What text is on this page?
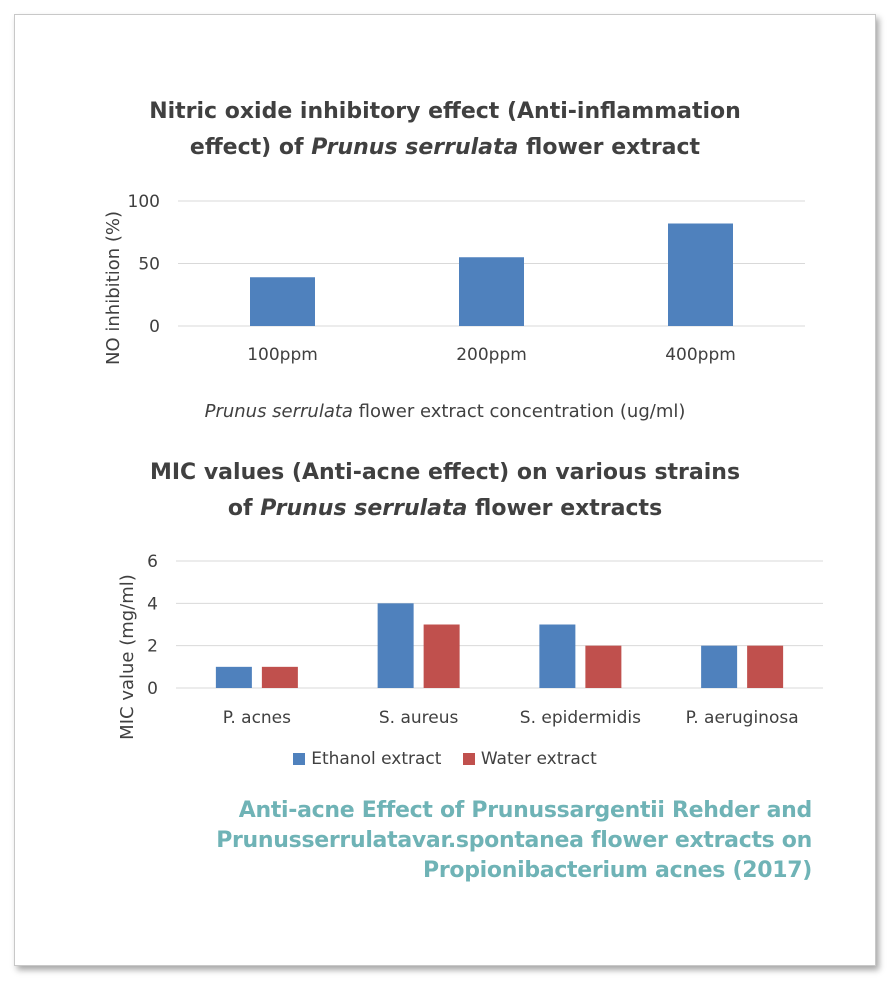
Nitric oxide inhibitory effect (Anti-inflammation
effect) of Prunus serrulata flower extract
Prunus serrulata flower extract concentration (ug/ml)
MIC values (Anti-acne effect) on various strains
of Prunus serrulata flower extracts
0
50
100
100ppm	200ppm	400ppm
NO inhibition (%)
0
2
4
6
P. acnes	S. aureus	S. epidermidis	P. aeruginosa
MIC value (mg/ml)
Ethanol extract Water extract
Anti-acne Effect of Prunussargentii Rehder and
Prunusserrulatavar.spontanea flower extracts on
Propionibacterium acnes (2017)
